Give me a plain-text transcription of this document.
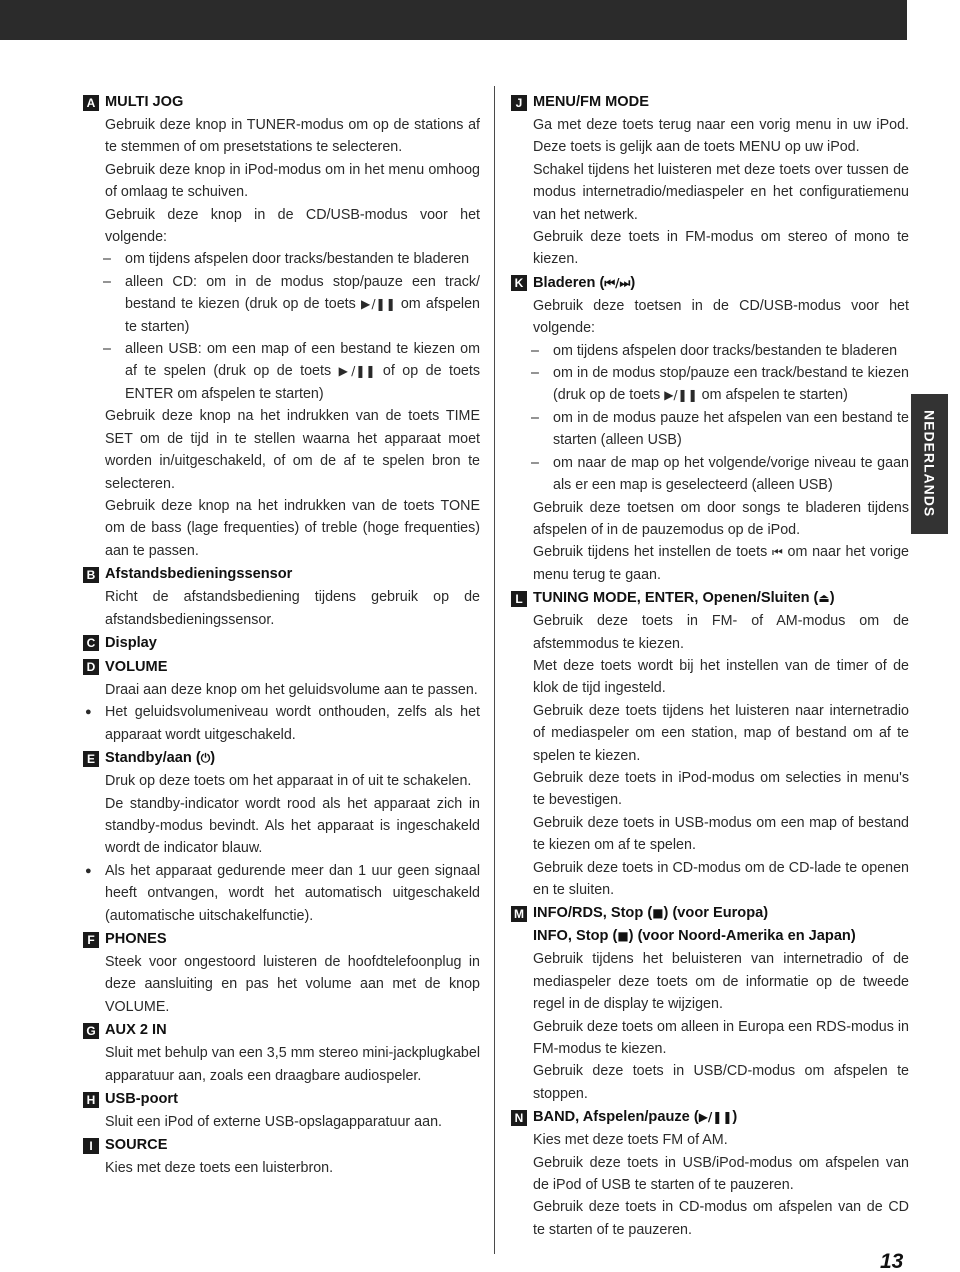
A MULTI JOG
Gebruik deze knop in TUNER-modus om op de stations af te stemmen of om presetstations te selecteren.
Gebruik deze knop in iPod-modus om in het menu omhoog of omlaag te schuiven.
Gebruik deze knop in de CD/USB-modus voor het volgende:
– om tijdens afspelen door tracks/bestanden te bladeren
– alleen CD: om in de modus stop/pauze een track/ bestand te kiezen (druk op de toets ▶/❚❚ om afspelen te starten)
– alleen USB: om een map of een bestand te kiezen om af te spelen (druk op de toets ▶/❚❚ of op de toets ENTER om afspelen te starten)
Gebruik deze knop na het indrukken van de toets TIME SET om de tijd in te stellen waarna het apparaat moet worden in/uitgeschakeld, of om de af te spelen bron te selecteren.
Gebruik deze knop na het indrukken van de toets TONE om de bass (lage frequenties) of treble (hoge frequenties) aan te passen.
B Afstandsbedieningssensor
Richt de afstandsbediening tijdens gebruik op de afstandsbedieningssensor.
C Display
D VOLUME
Draai aan deze knop om het geluidsvolume aan te passen.
● Het geluidsvolumeniveau wordt onthouden, zelfs als het apparaat wordt uitgeschakeld.
E Standby/aan ( ⏻ )
Druk op deze toets om het apparaat in of uit te schakelen.
De standby-indicator wordt rood als het apparaat zich in standby-modus bevindt. Als het apparaat is ingeschakeld wordt de indicator blauw.
● Als het apparaat gedurende meer dan 1 uur geen signaal heeft ontvangen, wordt het automatisch uitgeschakeld (automatische uitschakelfunctie).
F PHONES
Steek voor ongestoord luisteren de hoofdtelefoonplug in deze aansluiting en pas het volume aan met de knop VOLUME.
G AUX 2 IN
Sluit met behulp van een 3,5 mm stereo mini-jackplugkabel apparatuur aan, zoals een draagbare audiospeler.
H USB-poort
Sluit een iPod of externe USB-opslagapparatuur aan.
I SOURCE
Kies met deze toets een luisterbron.
J MENU/FM MODE
Ga met deze toets terug naar een vorig menu in uw iPod. Deze toets is gelijk aan de toets MENU op uw iPod.
Schakel tijdens het luisteren met deze toets over tussen de modus internetradio/mediaspeler en het configuratiemenu van het netwerk.
Gebruik deze toets in FM-modus om stereo of mono te kiezen.
K Bladeren ( ⏮/⏭ )
Gebruik deze toetsen in de CD/USB-modus voor het volgende:
– om tijdens afspelen door tracks/bestanden te bladeren
– om in de modus stop/pauze een track/bestand te kiezen (druk op de toets ▶/❚❚ om afspelen te starten)
– om in de modus pauze het afspelen van een bestand te starten (alleen USB)
– om naar de map op het volgende/vorige niveau te gaan als er een map is geselecteerd (alleen USB)
Gebruik deze toetsen om door songs te bladeren tijdens afspelen of in de pauzemodus op de iPod.
Gebruik tijdens het instellen de toets ⏮ om naar het vorige menu terug te gaan.
L TUNING MODE, ENTER, Openen/Sluiten ( ⏏ )
Gebruik deze toets in FM- of AM-modus om de afstemmodus te kiezen.
Met deze toets wordt bij het instellen van de timer of de klok de tijd ingesteld.
Gebruik deze toets tijdens het luisteren naar internetradio of mediaspeler om een station, map of bestand om af te spelen te kiezen.
Gebruik deze toets in iPod-modus om selecties in menu's te bevestigen.
Gebruik deze toets in USB-modus om een map of bestand te kiezen om af te spelen.
Gebruik deze toets in CD-modus om de CD-lade te openen en te sluiten.
M INFO/RDS, Stop ( ■ ) (voor Europa)
INFO, Stop (■) (voor Noord-Amerika en Japan)
Gebruik tijdens het beluisteren van internetradio of de mediaspeler deze toets om de informatie op de tweede regel in de display te wijzigen.
Gebruik deze toets om alleen in Europa een RDS-modus in FM-modus te kiezen.
Gebruik deze toets in USB/CD-modus om afspelen te stoppen.
N BAND, Afspelen/pauze ( ▶/❚❚ )
Kies met deze toets FM of AM.
Gebruik deze toets in USB/iPod-modus om afspelen van de iPod of USB te starten of te pauzeren.
Gebruik deze toets in CD-modus om afspelen van de CD te starten of te pauzeren.
NEDERLANDS
13
